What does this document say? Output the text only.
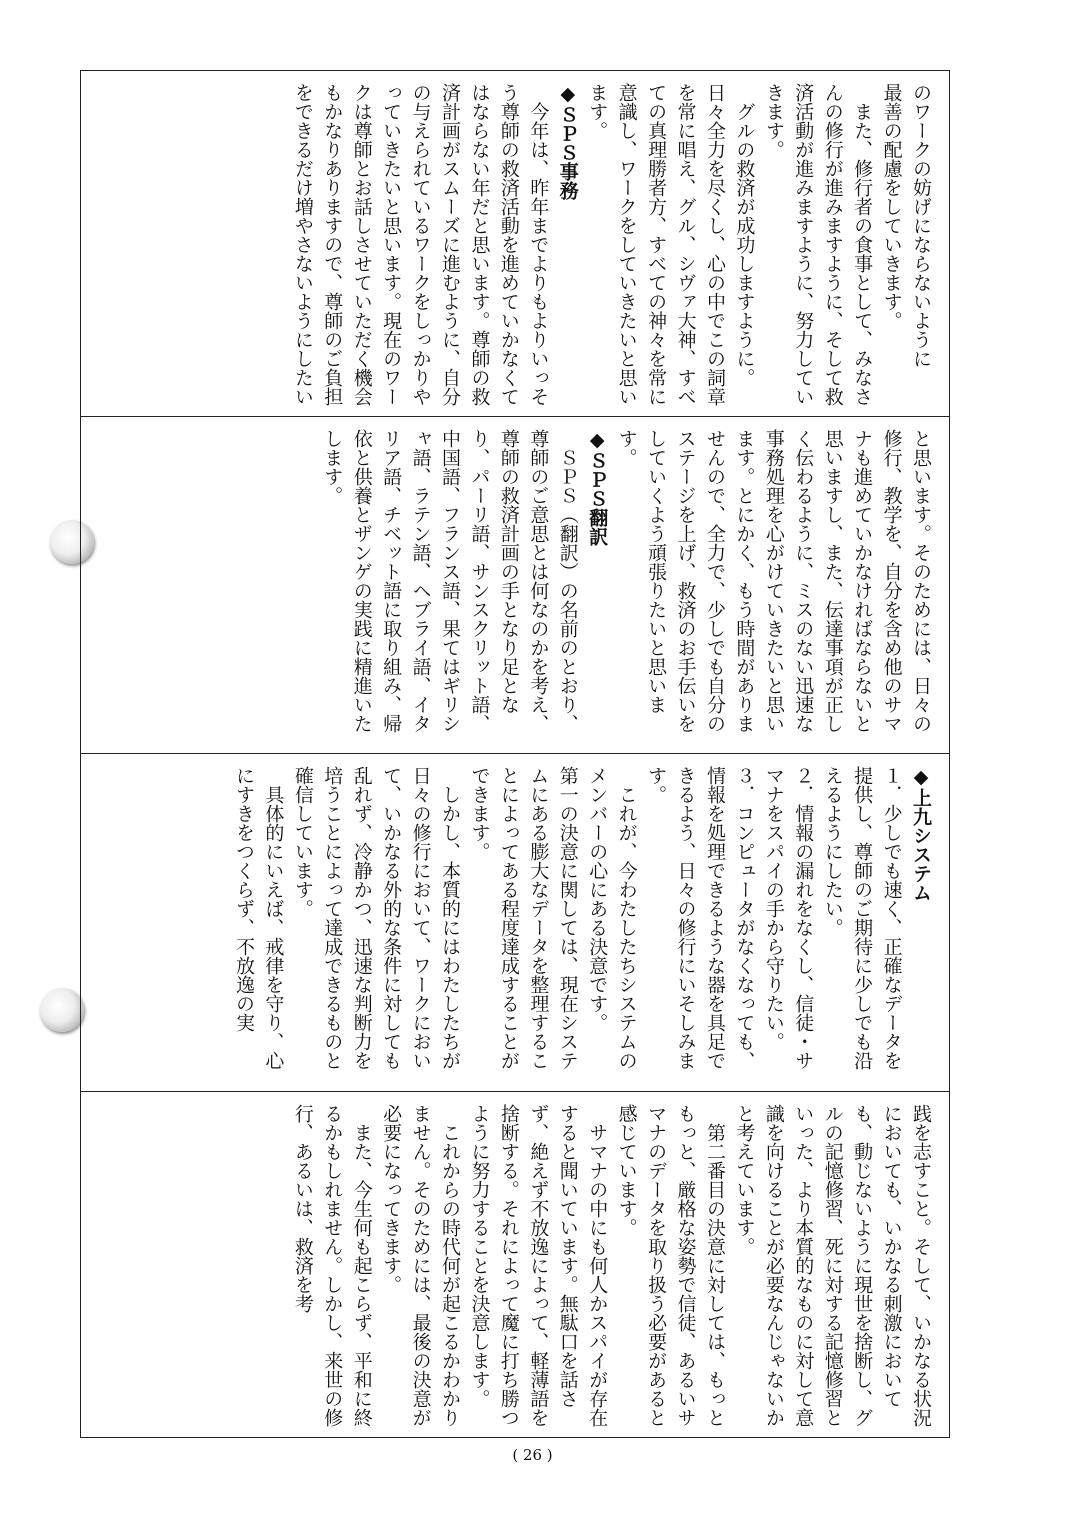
のワークの妨げにならないように

最善の配慮をしていきます。

また、修行者の食事として、みなさんの修行が進みますように、そして救済活動が進みますように、努力していきます。

グルの救済が成功しますように。日々全力を尽くし、心の中でこの詞章を常に唱え、グル、シヴァ大神、すべての真理勝者方、すべての神々を常に意識し、ワークをしていきたいと思います。

◆ＳＰＳ事務

今年は、昨年までよりもよりいっそう尊師の救済活動を進めていかなくてはならない年だと思います。尊師の救済計画がスムーズに進むように、自分の与えられているワークをしっかりやっていきたいと思います。現在のワークは尊師とお話しさせていただく機会もかなりありますので、尊師のご負担をできるだけ増やさないようにしたい

と思います。そのためには、日々の修行、教学を、自分を含め他のサマナも進めていかなければならないと思いますし、また、伝達事項が正しく伝わるように、ミスのない迅速な事務処理を心がけていきたいと思います。とにかく、もう時間がありませんので、全力で、少しでも自分のステージを上げ、救済のお手伝いをしていくよう頑張りたいと思います。

◆ＳＰＳ翻訳

ＳＰＳ（翻訳）の名前のとおり、尊師のご意思とは何なのかを考え、尊師の救済計画の手となり足となり、パーリ語、サンスクリット語、中国語、フランス語、果てはギリシャ語、ラテン語、ヘブライ語、イタリア語、チベット語に取り組み、帰依と供養とザンゲの実践に精進いたします。

◆上九システム

１．少しでも速く、正確なデータを提供し、尊師のご期待に少しでも沿えるようにしたい。

２．情報の漏れをなくし、信徒・サマナをスパイの手から守りたい。

３．コンピュータがなくなっても、情報を処理できるような器を具足できるよう、日々の修行にいそしみます。

これが、今わたしたちシステムのメンバーの心にある決意です。

第一の決意に関しては、現在システムにある膨大なデータを整理することによってある程度達成することができます。

しかし、本質的にはわたしたちが日々の修行において、ワークにおいて、いかなる外的な条件に対しても乱れず、冷静かつ、迅速な判断力を培うことによって達成できるものと確信しています。

具体的にいえば、戒律を守り、心にすきをつくらず、不放逸の実

践を志すこと。そして、いかなる状況においても、いかなる刺激においても、動じないように現世を捨断し、グルの記憶修習、死に対する記憶修習といった、より本質的なものに対して意識を向けることが必要なんじゃないかと考えています。

第二番目の決意に対しては、もっともっと、厳格な姿勢で信徒、あるいサマナのデータを取り扱う必要があると感じています。

サマナの中にも何人かスパイが存在すると聞いています。無駄口を話さず、絶えず不放逸によって、軽薄語を捨断する。それによって魔に打ち勝つように努力することを決意します。

これからの時代何が起こるかわかりません。そのためには、最後の決意が必要になってきます。

また、今生何も起こらず、平和に終るかもしれません。しかし、来世の修行、あるいは、救済を考

( 26 )
